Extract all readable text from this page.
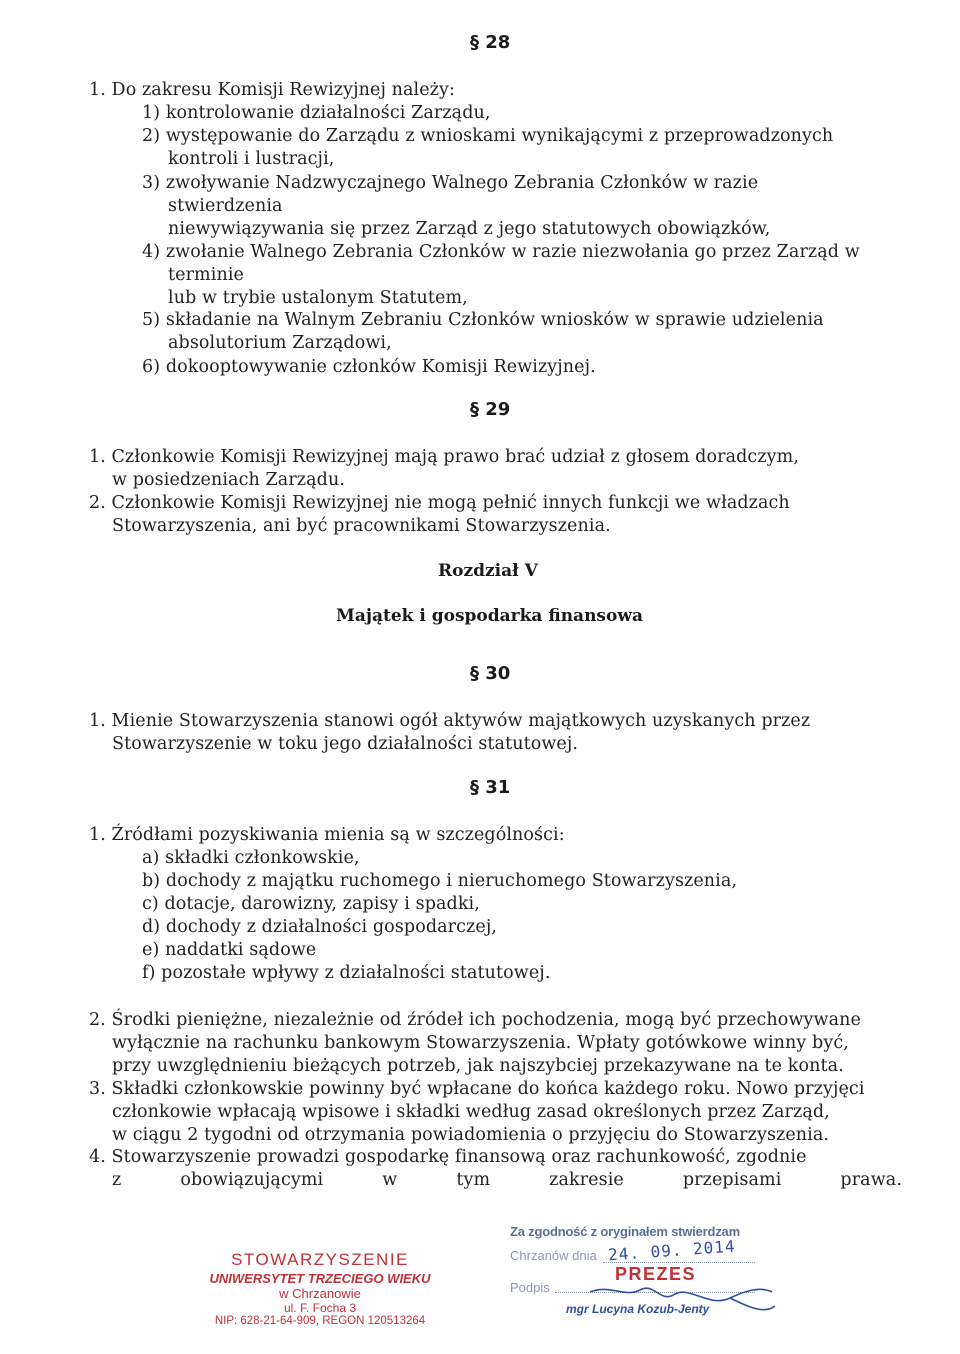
§ 28
1. Do zakresu Komisji Rewizyjnej należy:
1) kontrolowanie działalności Zarządu,
2) występowanie do Zarządu z wnioskami wynikającymi z przeprowadzonych
kontroli i lustracji,
3) zwoływanie Nadzwyczajnego Walnego Zebrania Członków w razie
stwierdzenia
niewywiązywania się przez Zarząd z jego statutowych obowiązków,
4) zwołanie Walnego Zebrania Członków w razie niezwołania go przez Zarząd w
terminie
lub w trybie ustalonym Statutem,
5) składanie na Walnym Zebraniu Członków wniosków w sprawie udzielenia
absolutorium Zarządowi,
6) dokooptowywanie członków Komisji Rewizyjnej.
§ 29
1. Członkowie Komisji Rewizyjnej mają prawo brać udział z głosem doradczym,
w posiedzeniach Zarządu.
2. Członkowie Komisji Rewizyjnej nie mogą pełnić innych funkcji we władzach
Stowarzyszenia, ani być pracownikami Stowarzyszenia.
Rozdział V
Majątek i gospodarka finansowa
§ 30
1. Mienie Stowarzyszenia stanowi ogół aktywów majątkowych uzyskanych przez
Stowarzyszenie w toku jego działalności statutowej.
§ 31
1. Źródłami pozyskiwania mienia są w szczególności:
a) składki członkowskie,
b) dochody z majątku ruchomego i nieruchomego Stowarzyszenia,
c) dotacje, darowizny, zapisy i spadki,
d) dochody z działalności gospodarczej,
e) naddatki sądowe
f) pozostałe wpływy z działalności statutowej.
2. Środki pieniężne, niezależnie od źródeł ich pochodzenia, mogą być przechowywane
wyłącznie na rachunku bankowym Stowarzyszenia. Wpłaty gotówkowe winny być,
przy uwzględnieniu bieżących potrzeb, jak najszybciej przekazywane na te konta.
3. Składki członkowskie powinny być wpłacane do końca każdego roku. Nowo przyjęci
członkowie wpłacają wpisowe i składki według zasad określonych przez Zarząd,
w ciągu 2 tygodni od otrzymania powiadomienia o przyjęciu do Stowarzyszenia.
4. Stowarzyszenie prowadzi gospodarkę finansową oraz rachunkowość, zgodnie
z obowiązującymi w tym zakresie przepisami prawa.
STOWARZYSZENIE
UNIWERSYTET TRZECIEGO WIEKU
w Chrzanowie
ul. F. Focha 3
NIP: 628-21-64-909, REGON 120513264
Za zgodność z oryginałem stwierdzam
Chrzanów dnia 24. 09. 2014
PREZES
Podpis
mgr Lucyna Kozub-Jenty
